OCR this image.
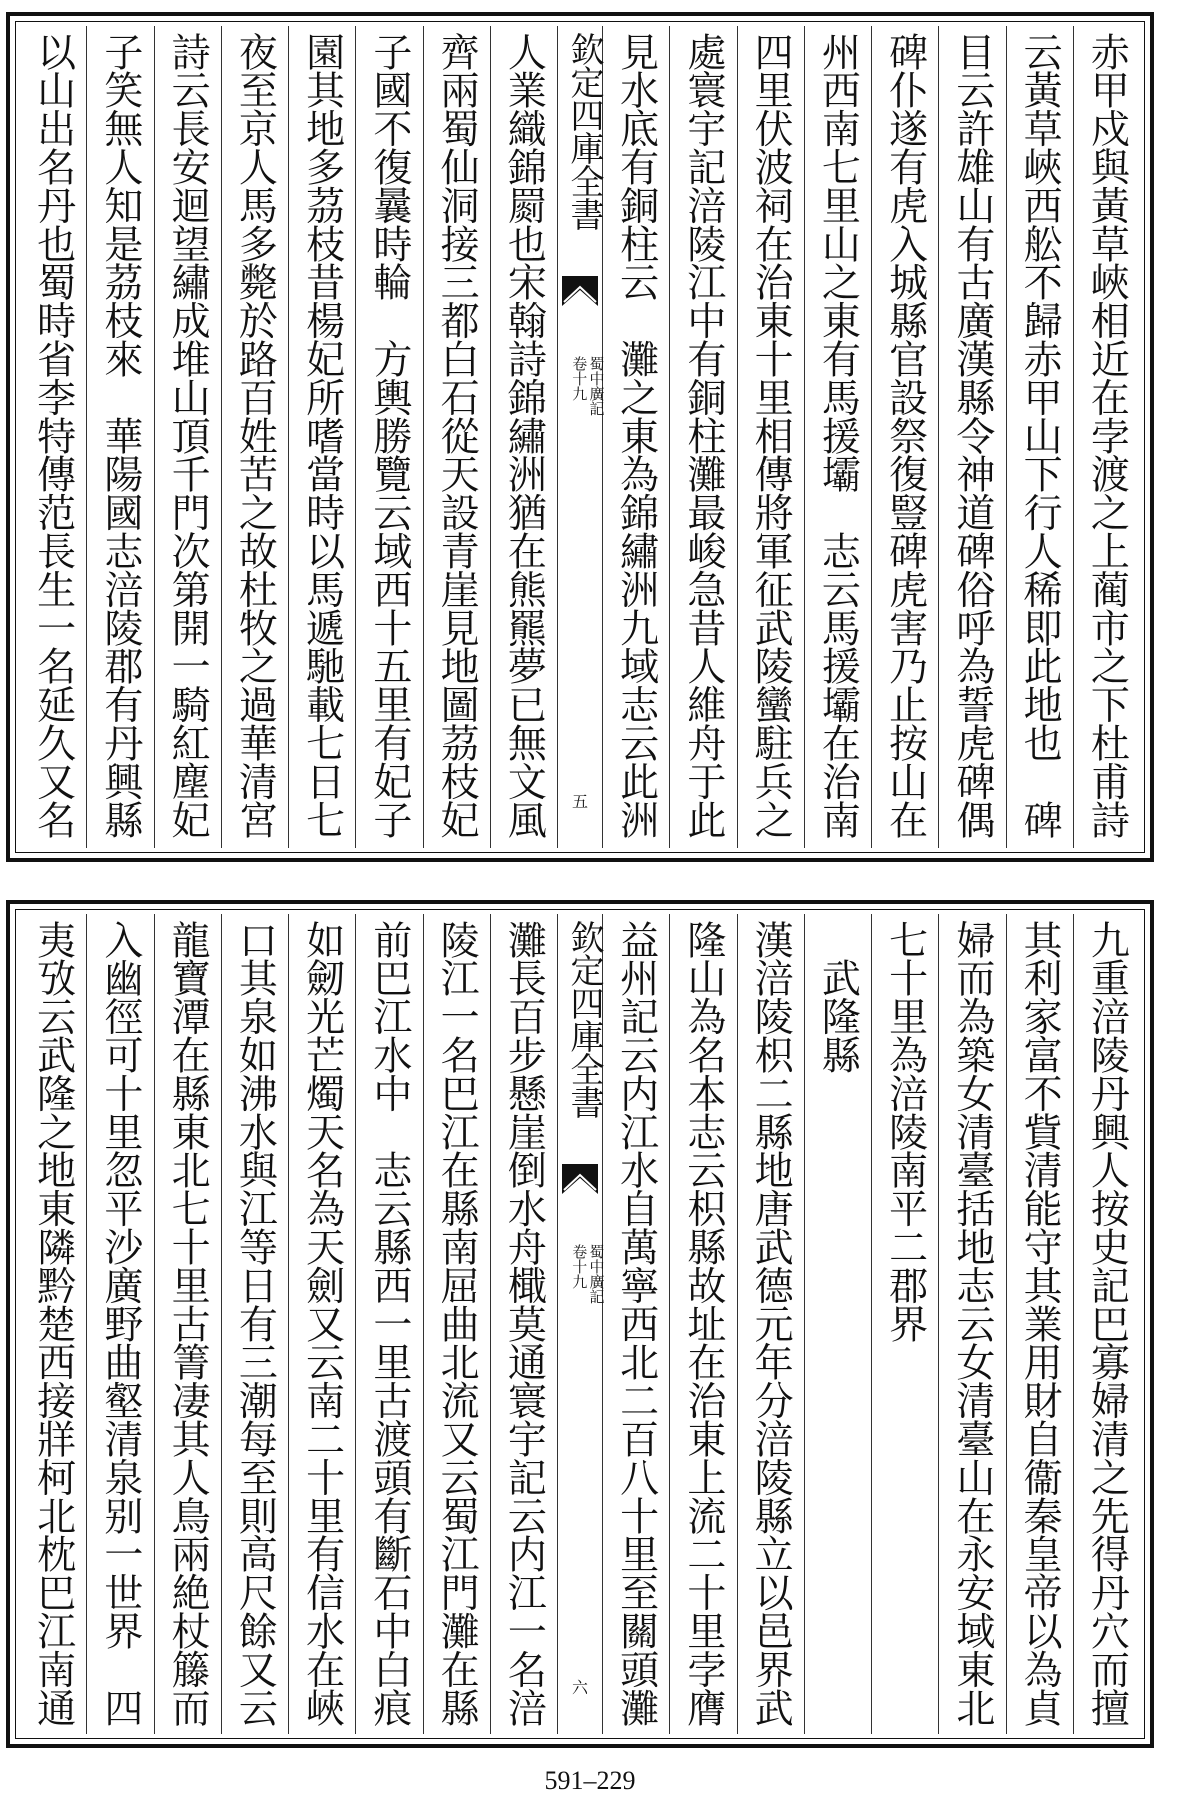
赤甲戍與黃草峽相近在孛渡之上蔺市之下杜甫詩
云黃草峽西舩不歸赤甲山下行人稀即此地也　碑
目云許雄山有古廣漢縣令神道碑俗呼為誓虎碑偶
碑仆遂有虎入城縣官設祭復豎碑虎害乃止按山在
州西南七里山之東有馬援壩　志云馬援壩在治南
四里伏波祠在治東十里相傳將軍征武陵蠻駐兵之
處寰宇記涪陵江中有銅柱灘最峻急昔人維舟于此
見水底有銅柱云　灘之東為錦繡洲九域志云此洲
欽定四庫全書
蜀中廣記
卷十九
五
人業織錦罽也宋翰詩錦繡洲猶在熊羆夢已無文風
齊兩蜀仙洞接三都白石從天設青崖見地圖茘枝妃
子國不復曩時輪　方輿勝覽云域西十五里有妃子
園其地多茘枝昔楊妃所嗜當時以馬遞馳載七日七
夜至京人馬多斃於路百姓苦之故杜牧之過華清宮
詩云長安迴望繡成堆山頂千門次第開一騎紅塵妃
子笑無人知是茘枝來　華陽國志涪陵郡有丹興縣
以山出名丹也蜀時省李特傳范長生一名延久又名
九重涪陵丹興人按史記巴寡婦清之先得丹穴而擅
其利家富不貲清能守其業用財自衞秦皇帝以為貞
婦而為築女清臺括地志云女清臺山在永安域東北
七十里為涪陵南平二郡界
　武隆縣
漢涪陵枳二縣地唐武德元年分涪陵縣立以邑界武
隆山為名本志云枳縣故址在治東上流二十里孛膺
益州記云内江水自萬寧西北二百八十里至關頭灘
欽定四庫全書
蜀中廣記
卷十九
六
灘長百步懸崖倒水舟檝莫通寰宇記云内江一名涪
陵江一名巴江在縣南屈曲北流又云蜀江門灘在縣
前巴江水中　志云縣西一里古渡頭有斷石中白痕
如劒光芒燭天名為天劍又云南二十里有信水在峽
口其泉如沸水與江等日有三潮每至則高尺餘又云
龍寶潭在縣東北七十里古箐凄其人鳥兩絶杖籐而
入幽徑可十里忽平沙廣野曲壑清泉别一世界　四
夷攷云武隆之地東隣黔楚西接牂柯北枕巴江南通
591–229
